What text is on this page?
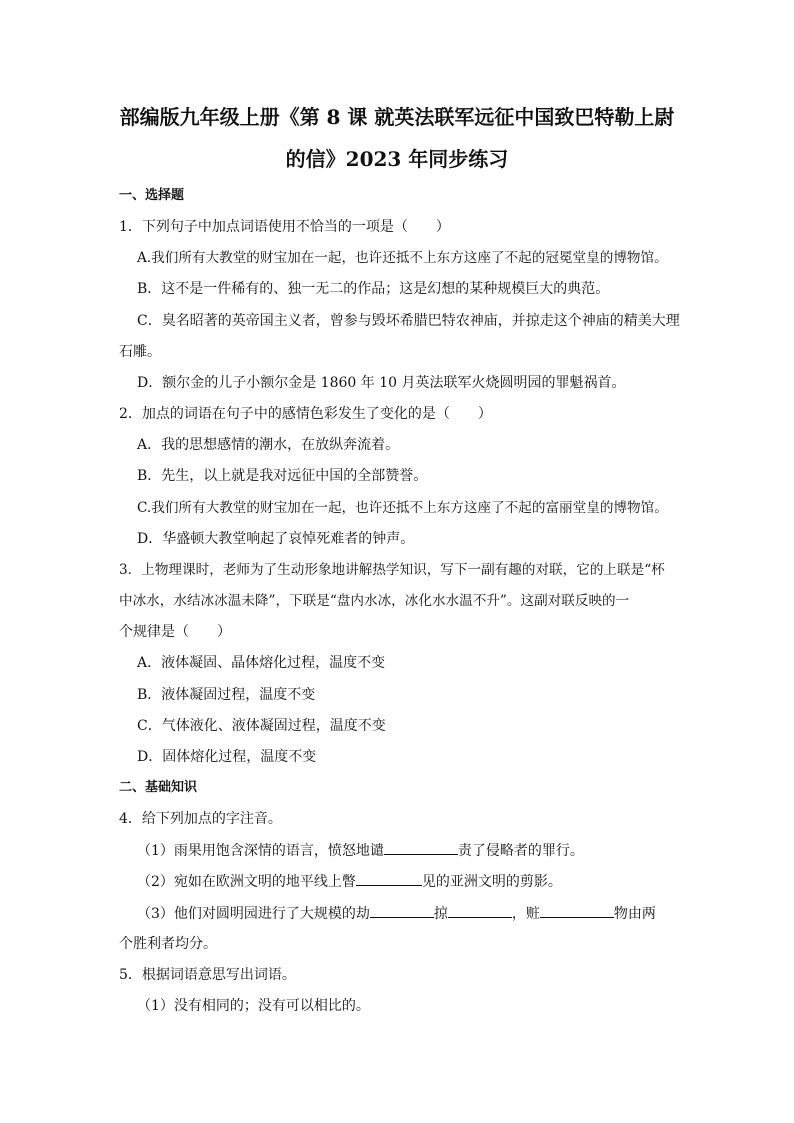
部编版九年级上册《第 8 课 就英法联军远征中国致巴特勒上尉
的信》2023 年同步练习
一、选择题
1．下列句子中加点词语使用不恰当的一项是（　　）
A.我们所有大教堂的财宝加在一起，也许还抵不上东方这座了不起的冠冕堂皇的博物馆。
B．这不是一件稀有的、独一无二的作品；这是幻想的某种规模巨大的典范。
C．臭名昭著的英帝国主义者，曾参与毁坏希腊巴特农神庙，并掠走这个神庙的精美大理
石雕。
D．额尔金的儿子小额尔金是 1860 年 10 月英法联军火烧圆明园的罪魁祸首。
2．加点的词语在句子中的感情色彩发生了变化的是（　　）
A．我的思想感情的潮水，在放纵奔流着。
B．先生，以上就是我对远征中国的全部赞誉。
C.我们所有大教堂的财宝加在一起，也许还抵不上东方这座了不起的富丽堂皇的博物馆。
D．华盛顿大教堂响起了哀悼死难者的钟声。
3．上物理课时，老师为了生动形象地讲解热学知识，写下一副有趣的对联，它的上联是“杯
中冰水，水结冰冰温未降”，下联是“盘内水冰，冰化水水温不升”。这副对联反映的一
个规律是（　　）
A．液体凝固、晶体熔化过程，温度不变
B．液体凝固过程，温度不变
C．气体液化、液体凝固过程，温度不变
D．固体熔化过程，温度不变
二、基础知识
4．给下列加点的字注音。
（1）雨果用饱含深情的语言，愤怒地谴	责了侵略者的罪行。
（2）宛如在欧洲文明的地平线上瞥	见的亚洲文明的剪影。
（3）他们对圆明园进行了大规模的劫	掠	，赃	物由两
个胜利者均分。
5．根据词语意思写出词语。
（1）没有相同的；没有可以相比的。
